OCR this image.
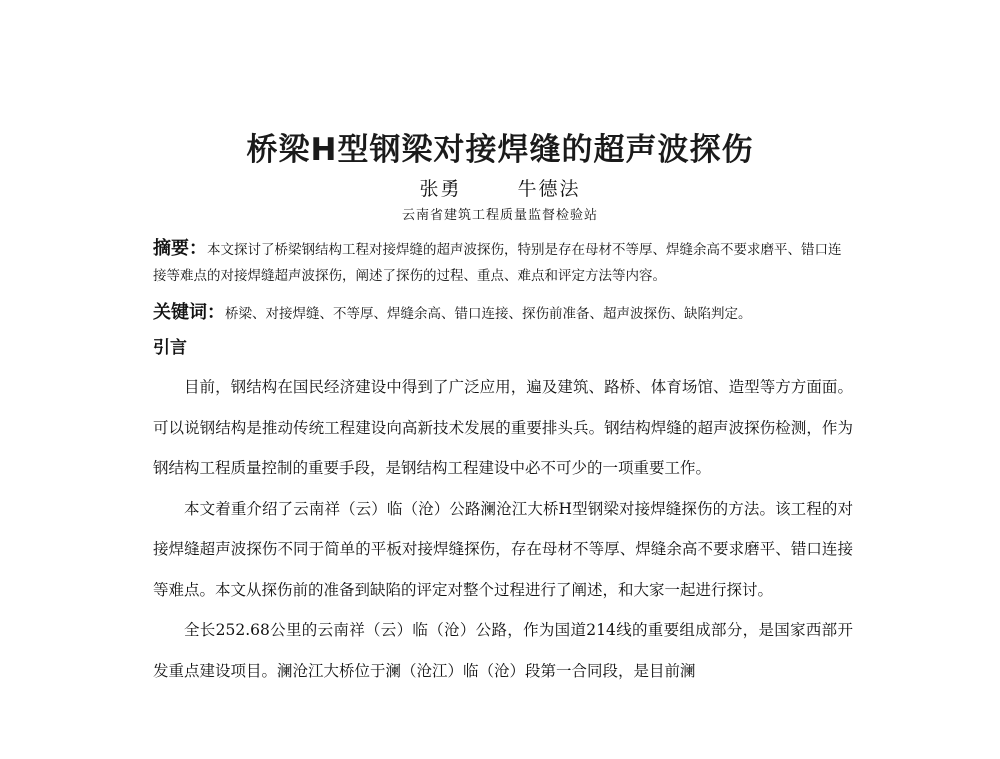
桥梁H型钢梁对接焊缝的超声波探伤
张勇	牛德法
云南省建筑工程质量监督检验站
摘要：本文探讨了桥梁钢结构工程对接焊缝的超声波探伤，特别是存在母材不等厚、焊缝余高不要求磨平、错口连接等难点的对接焊缝超声波探伤，阐述了探伤的过程、重点、难点和评定方法等内容。
关键词：桥梁、对接焊缝、不等厚、焊缝余高、错口连接、探伤前准备、超声波探伤、缺陷判定。
引言

目前，钢结构在国民经济建设中得到了广泛应用，遍及建筑、路桥、体育场馆、造型等方方面面。可以说钢结构是推动传统工程建设向高新技术发展的重要排头兵。钢结构焊缝的超声波探伤检测，作为钢结构工程质量控制的重要手段，是钢结构工程建设中必不可少的一项重要工作。

本文着重介绍了云南祥（云）临（沧）公路澜沧江大桥H型钢梁对接焊缝探伤的方法。该工程的对接焊缝超声波探伤不同于简单的平板对接焊缝探伤，存在母材不等厚、焊缝余高不要求磨平、错口连接等难点。本文从探伤前的准备到缺陷的评定对整个过程进行了阐述，和大家一起进行探讨。

全长252.68公里的云南祥（云）临（沧）公路，作为国道214线的重要组成部分，是国家西部开发重点建设项目。澜沧江大桥位于澜（沧江）临（沧）段第一合同段，是目前澜
